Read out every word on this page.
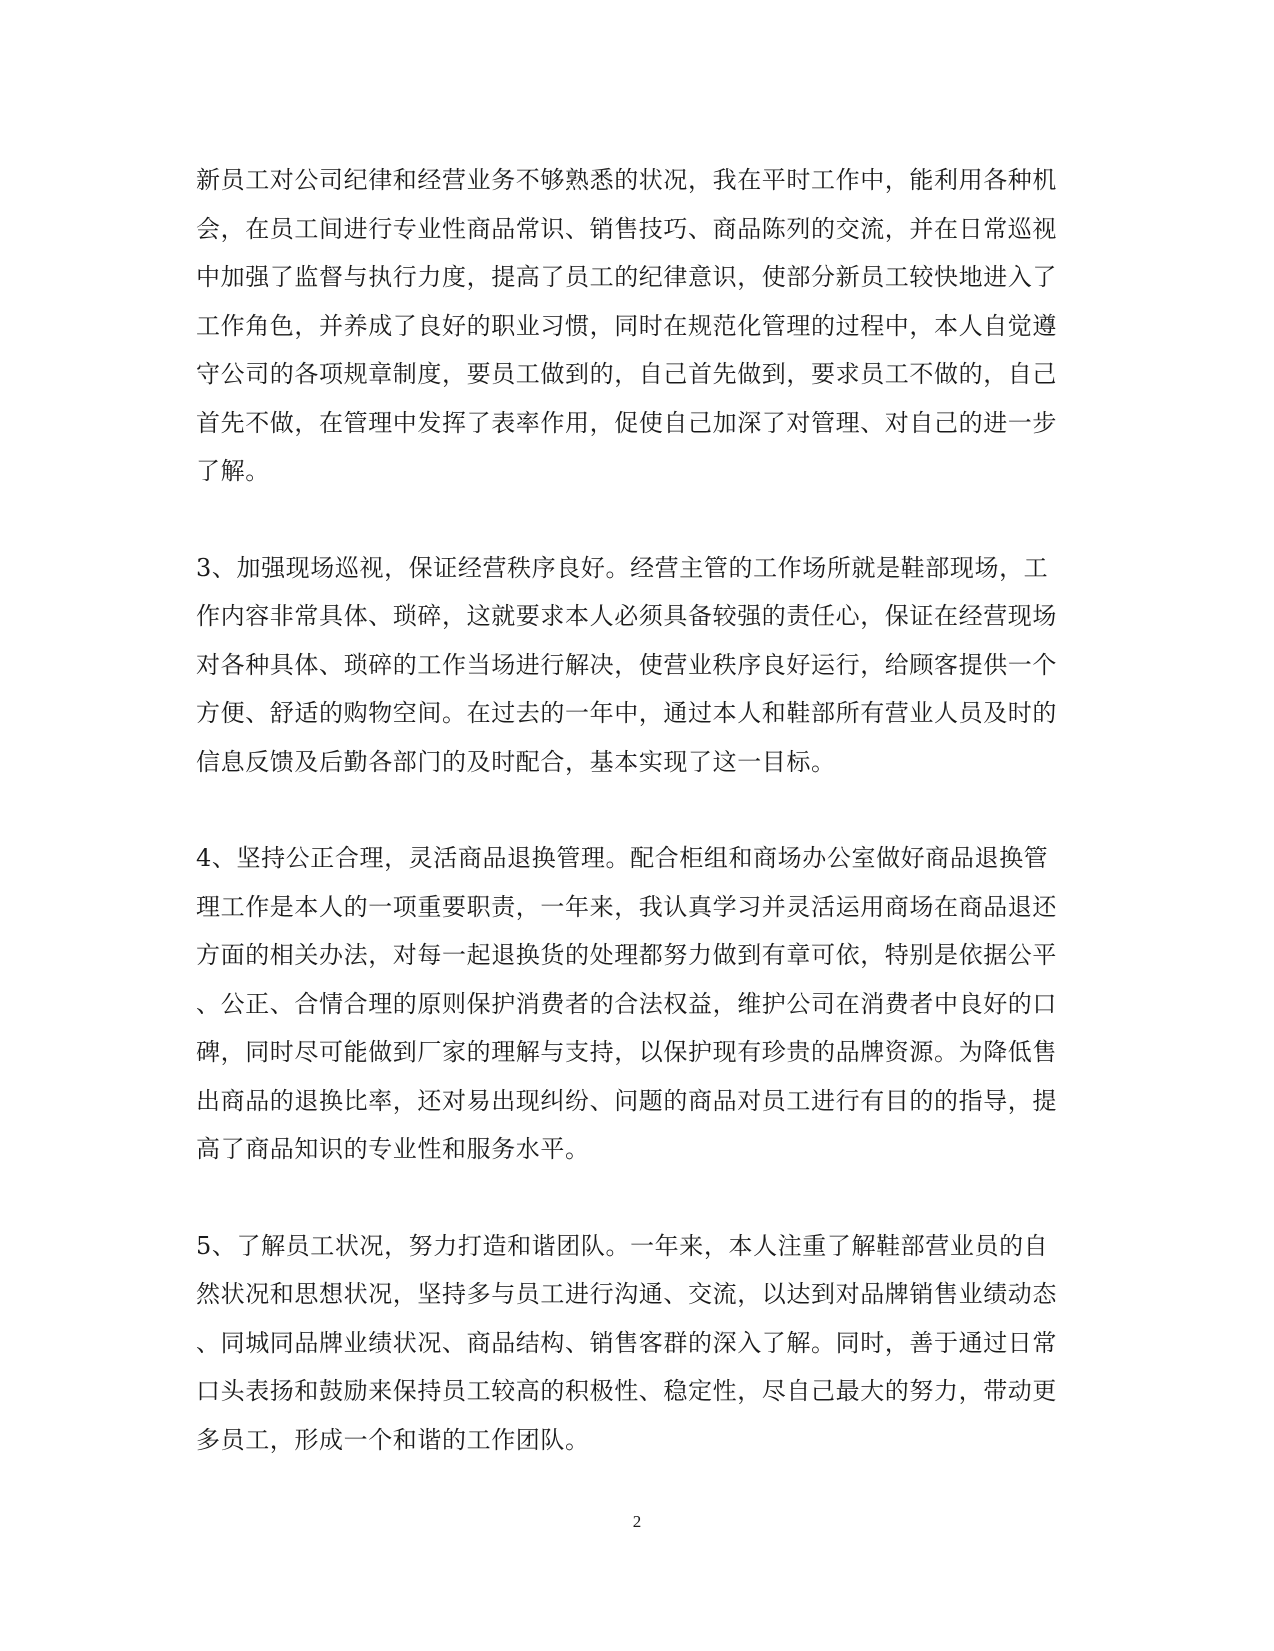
新员工对公司纪律和经营业务不够熟悉的状况，我在平时工作中，能利用各种机
会，在员工间进行专业性商品常识、销售技巧、商品陈列的交流，并在日常巡视
中加强了监督与执行力度，提高了员工的纪律意识，使部分新员工较快地进入了
工作角色，并养成了良好的职业习惯，同时在规范化管理的过程中，本人自觉遵
守公司的各项规章制度，要员工做到的，自己首先做到，要求员工不做的，自己
首先不做，在管理中发挥了表率作用，促使自己加深了对管理、对自己的进一步
了解。

3、加强现场巡视，保证经营秩序良好。经营主管的工作场所就是鞋部现场，工
作内容非常具体、琐碎，这就要求本人必须具备较强的责任心，保证在经营现场
对各种具体、琐碎的工作当场进行解决，使营业秩序良好运行，给顾客提供一个
方便、舒适的购物空间。在过去的一年中，通过本人和鞋部所有营业人员及时的
信息反馈及后勤各部门的及时配合，基本实现了这一目标。

4、坚持公正合理，灵活商品退换管理。配合柜组和商场办公室做好商品退换管
理工作是本人的一项重要职责，一年来，我认真学习并灵活运用商场在商品退还
方面的相关办法，对每一起退换货的处理都努力做到有章可依，特别是依据公平
、公正、合情合理的原则保护消费者的合法权益，维护公司在消费者中良好的口
碑，同时尽可能做到厂家的理解与支持，以保护现有珍贵的品牌资源。为降低售
出商品的退换比率，还对易出现纠纷、问题的商品对员工进行有目的的指导，提
高了商品知识的专业性和服务水平。

5、了解员工状况，努力打造和谐团队。一年来，本人注重了解鞋部营业员的自
然状况和思想状况，坚持多与员工进行沟通、交流，以达到对品牌销售业绩动态
、同城同品牌业绩状况、商品结构、销售客群的深入了解。同时，善于通过日常
口头表扬和鼓励来保持员工较高的积极性、稳定性，尽自己最大的努力，带动更
多员工，形成一个和谐的工作团队。

2
